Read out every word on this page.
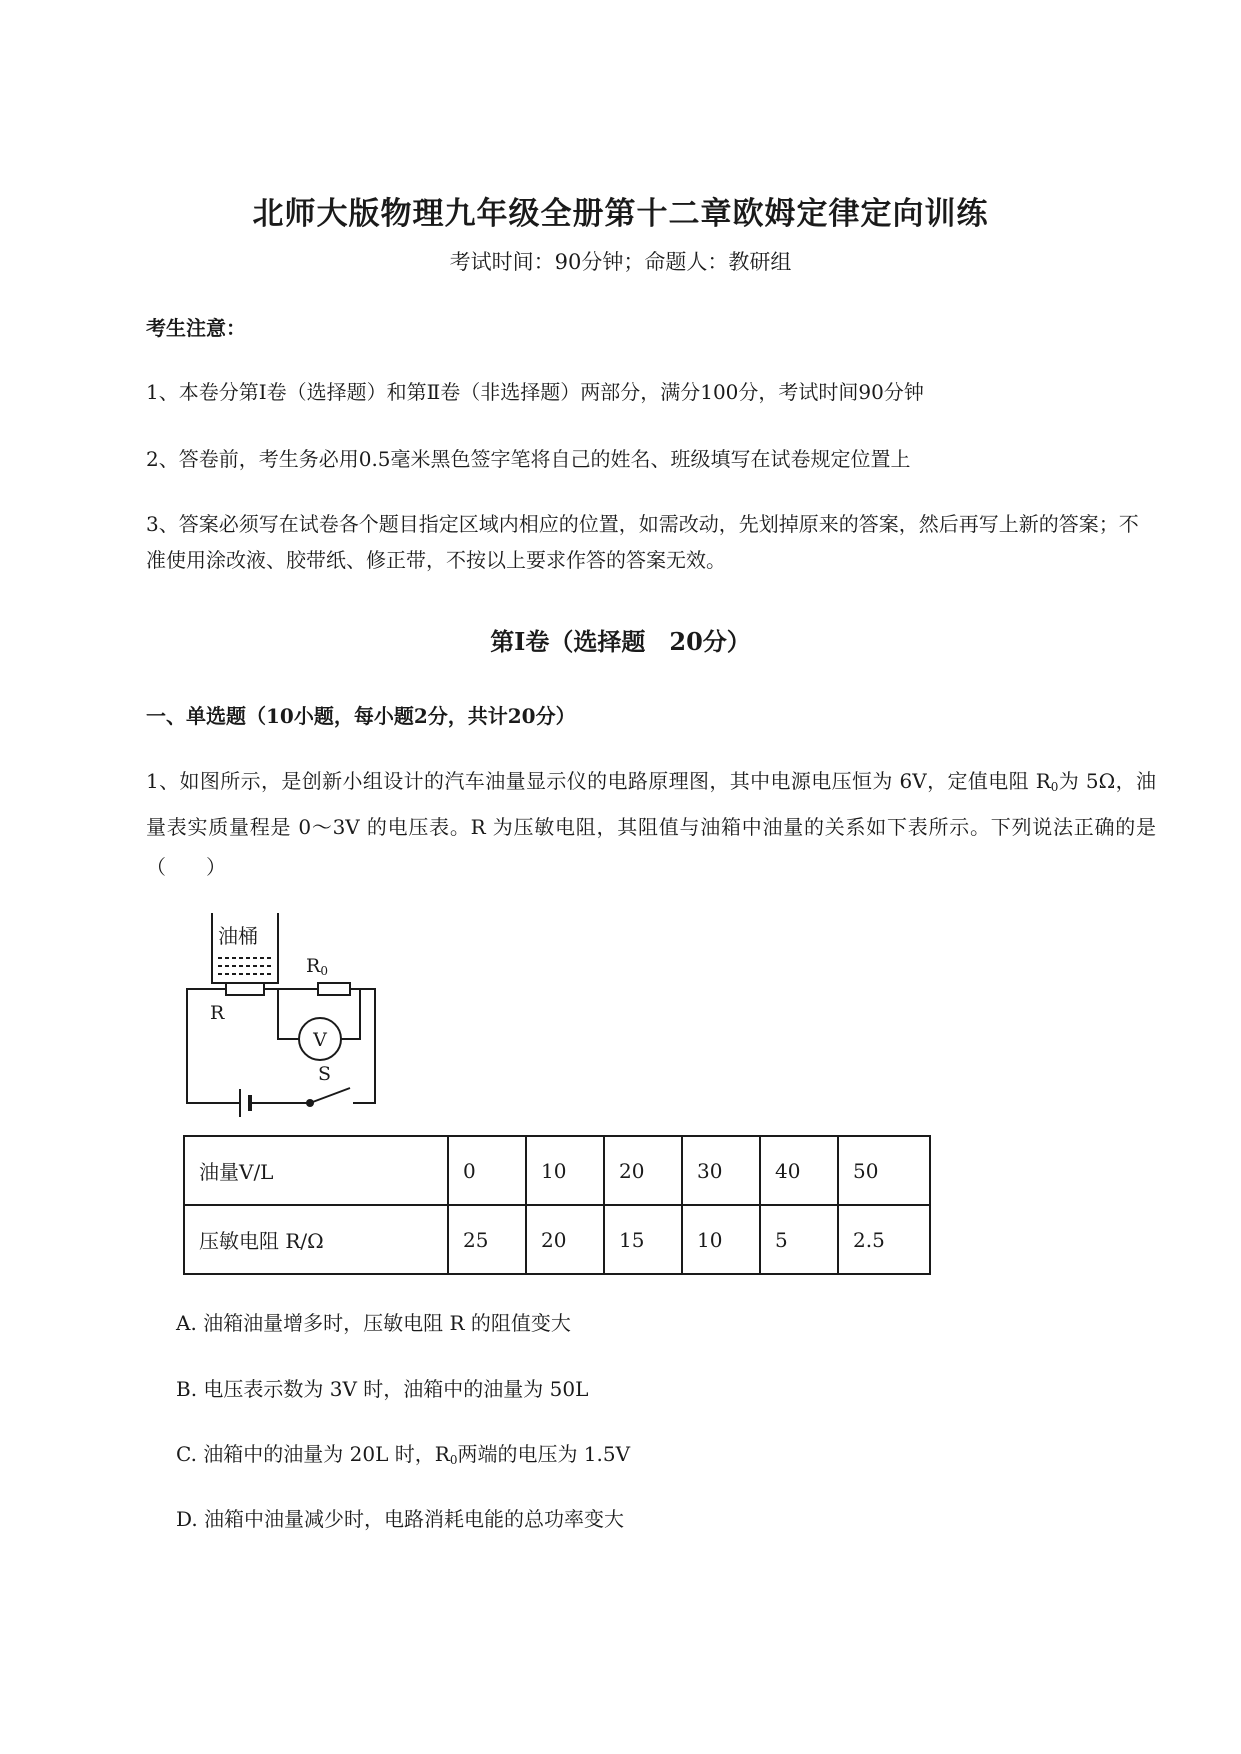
北师大版物理九年级全册第十二章欧姆定律定向训练
考试时间：90分钟；命题人：教研组
考生注意：
1、本卷分第I卷（选择题）和第Ⅱ卷（非选择题）两部分，满分100分，考试时间90分钟
2、答卷前，考生务必用0.5毫米黑色签字笔将自己的姓名、班级填写在试卷规定位置上
3、答案必须写在试卷各个题目指定区域内相应的位置，如需改动，先划掉原来的答案，然后再写上新的答案；不准使用涂改液、胶带纸、修正带，不按以上要求作答的答案无效。
第I卷（选择题　20分）
一、单选题（10小题，每小题2分，共计20分）
1、如图所示，是创新小组设计的汽车油量显示仪的电路原理图，其中电源电压恒为 6V，定值电阻 R0为 5Ω，油量表实质量程是 0～3V 的电压表。R 为压敏电阻，其阻值与油箱中油量的关系如下表所示。下列说法正确的是（　　）
油桶
R0
R
V
S
油量V/L	0	10	20	30	40	50
压敏电阻 R/Ω	25	20	15	10	5	2.5
A. 油箱油量增多时，压敏电阻 R 的阻值变大
B. 电压表示数为 3V 时，油箱中的油量为 50L
C. 油箱中的油量为 20L 时，R0两端的电压为 1.5V
D. 油箱中油量减少时，电路消耗电能的总功率变大
